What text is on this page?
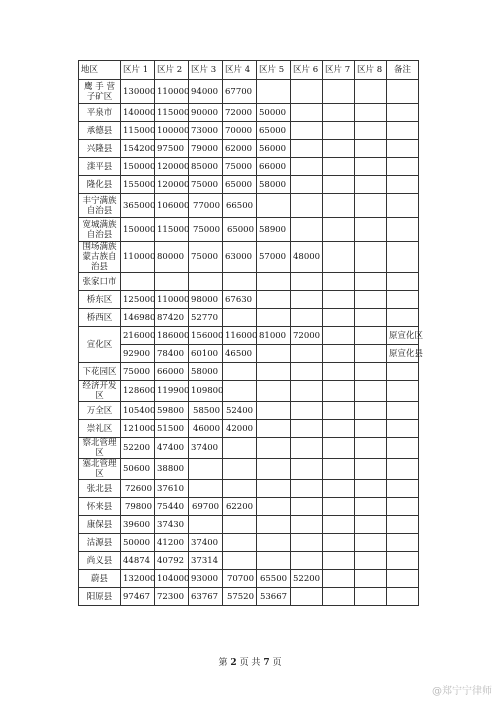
地区	区片 1	区片 2	区片 3	区片 4	区片 5	区片 6	区片 7	区片 8	备注
鹰 手 营子矿区	130000	110000	94000	67700					
平泉市	140000	115000	90000	72000	50000				
承德县	115000	100000	73000	70000	65000				
兴隆县	154200	97500	79000	62000	56000				
滦平县	150000	120000	85000	75000	66000				
隆化县	155000	120000	75000	65000	58000				
丰宁满族 自治县	365000	106000	77000	66500					
宽城满族 自治县	150000	115000	75000	65000	58900				
围场满族蒙古族自治县	110000	80000	75000	63000	57000	48000			
张家口市									
桥东区	125000	110000	98000	67630					
桥西区	146980	87420	52770						
宣化区	216000	186000	156000	116000	81000	72000			原宣化区
	92900	78400	60100	46500					原宣化县
下花园区	75000	66000	58000						
经济开发区	128600	119900	109800						
万全区	105400	59800	58500	52400					
崇礼区	121000	51500	46000	42000					
察北管理区	52200	47400	37400						
塞北管理区	50600	38800							
张北县	72600	37610							
怀来县	79800	75440	69700	62200					
康保县	39600	37430							
沽源县	50000	41200	37400						
尚义县	44874	40792	37314						
蔚县	132000	104000	93000	70700	65500	52200			
阳原县	97467	72300	63767	57520	53667				
第 2 页 共 7 页
@郑宁宁律师
